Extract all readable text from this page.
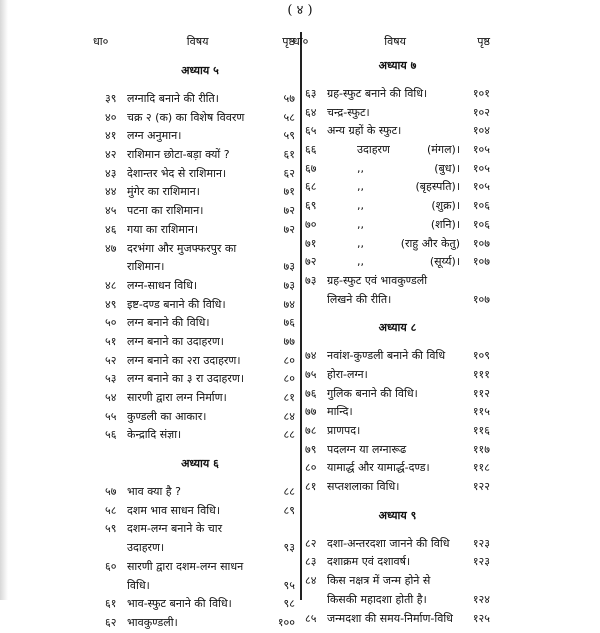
( ४ )
धा०	विषय	पृष्ठ
अध्याय ५
३९ लग्नादि बनाने की रीति।	५७
४० चक्र २ (क) का विशेष विवरण	५८
४१ लग्न अनुमान।	५९
४२ राशिमान छोटा-बड़ा क्यों ?	६१
४३ देशान्तर भेद से राशिमान।	६२
४४ मुंगेर का राशिमान।	७१
४५ पटना का राशिमान।	७२
४६ गया का राशिमान।	७२
४७ दरभंगा और मुजफ्फरपुर का
राशिमान।	७३
४८ लग्न-साधन विधि।	७३
४९ इष्ट-दण्ड बनाने की विधि।	७४
५० लग्न बनाने की विधि।	७६
५१ लग्न बनाने का उदाहरण।	७७
५२ लग्न बनाने का २रा उदाहरण।	८०
५३ लग्न बनाने का ३ रा उदाहरण।	८०
५४ सारणी द्वारा लग्न निर्माण।	८१
५५ कुण्डली का आकार।	८४
५६ केन्द्रादि संज्ञा।	८८
अध्याय ६
५७ भाव क्या है ?	८८
५८ दशम भाव साधन विधि।	८९
५९ दशम-लग्न बनाने के चार
उदाहरण।	९३
६० सारणी द्वारा दशम-लग्न साधन
विधि।	९५
६१ भाव-स्फुट बनाने की विधि।	९८
६२ भावकुण्डली।	१००
धा०	विषय	पृष्ठ
अध्याय ७
६३ ग्रह-स्फुट बनाने की विधि।	१०१
६४ चन्द्र-स्फुट।	१०२
६५ अन्य ग्रहों के स्फुट।	१०४
६६	उदाहरण	(मंगल)।	१०५
६७	,,	(बुध)।	१०५
६८	,,	(बृहस्पति)।	१०५
६९	,,	(शुक्र)।	१०६
७०	,,	(शनि)।	१०६
७१	,,	(राहु और केतु)	१०७
७२	,,	(सूर्य्य)।	१०७
७३ ग्रह-स्फुट एवं भावकुण्डली
लिखने की रीति।	१०७
अध्याय ८
७४ नवांश-कुण्डली बनाने की विधि	१०९
७५ होरा-लग्न।	१११
७६ गुलिक बनाने की विधि।	११२
७७ मान्दि।	११५
७८ प्राणपद।	११६
७९ पदलग्न या लग्नारूढ	११७
८० यामार्द्ध और यामार्द्ध-दण्ड।	११८
८१ सप्तशलाका विधि।	१२२
अध्याय ९
८२ दशा-अन्तरदशा जानने की विधि	१२३
८३ दशाक्रम एवं दशावर्ष।	१२३
८४ किस नक्षत्र में जन्म होने से
किसकी महादशा होती है।	१२४
८५ जन्मदशा की समय-निर्माण-विधि	१२५
